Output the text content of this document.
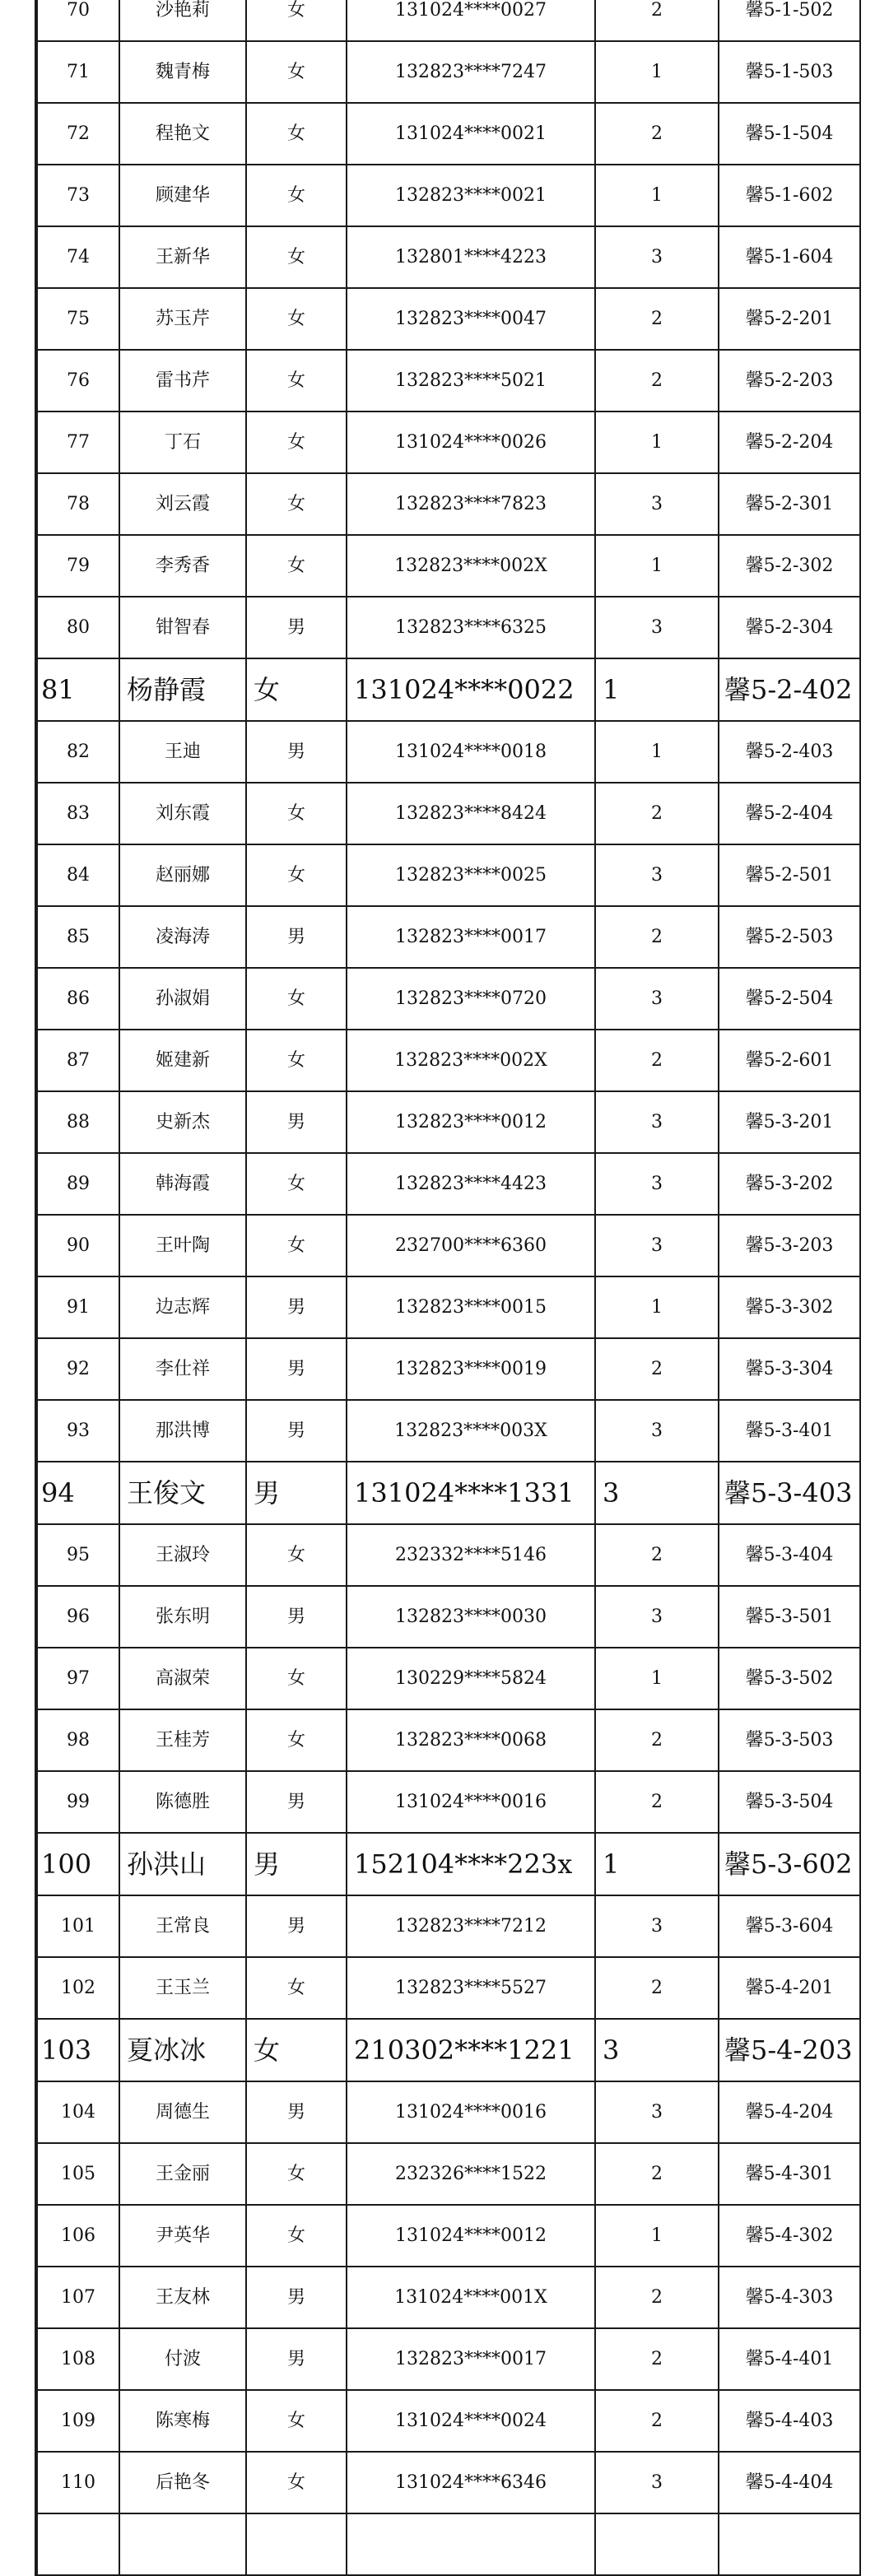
70	沙艳莉	女	131024****0027	2	馨5-1-502
71	魏青梅	女	132823****7247	1	馨5-1-503
72	程艳文	女	131024****0021	2	馨5-1-504
73	顾建华	女	132823****0021	1	馨5-1-602
74	王新华	女	132801****4223	3	馨5-1-604
75	苏玉芹	女	132823****0047	2	馨5-2-201
76	雷书芹	女	132823****5021	2	馨5-2-203
77	丁石	女	131024****0026	1	馨5-2-204
78	刘云霞	女	132823****7823	3	馨5-2-301
79	李秀香	女	132823****002X	1	馨5-2-302
80	钳智春	男	132823****6325	3	馨5-2-304
81	杨静霞	女	131024****0022	1	馨5-2-402
82	王迪	男	131024****0018	1	馨5-2-403
83	刘东霞	女	132823****8424	2	馨5-2-404
84	赵丽娜	女	132823****0025	3	馨5-2-501
85	凌海涛	男	132823****0017	2	馨5-2-503
86	孙淑娟	女	132823****0720	3	馨5-2-504
87	姬建新	女	132823****002X	2	馨5-2-601
88	史新杰	男	132823****0012	3	馨5-3-201
89	韩海霞	女	132823****4423	3	馨5-3-202
90	王叶陶	女	232700****6360	3	馨5-3-203
91	边志辉	男	132823****0015	1	馨5-3-302
92	李仕祥	男	132823****0019	2	馨5-3-304
93	那洪博	男	132823****003X	3	馨5-3-401
94	王俊文	男	131024****1331	3	馨5-3-403
95	王淑玲	女	232332****5146	2	馨5-3-404
96	张东明	男	132823****0030	3	馨5-3-501
97	高淑荣	女	130229****5824	1	馨5-3-502
98	王桂芳	女	132823****0068	2	馨5-3-503
99	陈德胜	男	131024****0016	2	馨5-3-504
100	孙洪山	男	152104****223x	1	馨5-3-602
101	王常良	男	132823****7212	3	馨5-3-604
102	王玉兰	女	132823****5527	2	馨5-4-201
103	夏冰冰	女	210302****1221	3	馨5-4-203
104	周德生	男	131024****0016	3	馨5-4-204
105	王金丽	女	232326****1522	2	馨5-4-301
106	尹英华	女	131024****0012	1	馨5-4-302
107	王友林	男	131024****001X	2	馨5-4-303
108	付波	男	132823****0017	2	馨5-4-401
109	陈寒梅	女	131024****0024	2	馨5-4-403
110	后艳冬	女	131024****6346	3	馨5-4-404
